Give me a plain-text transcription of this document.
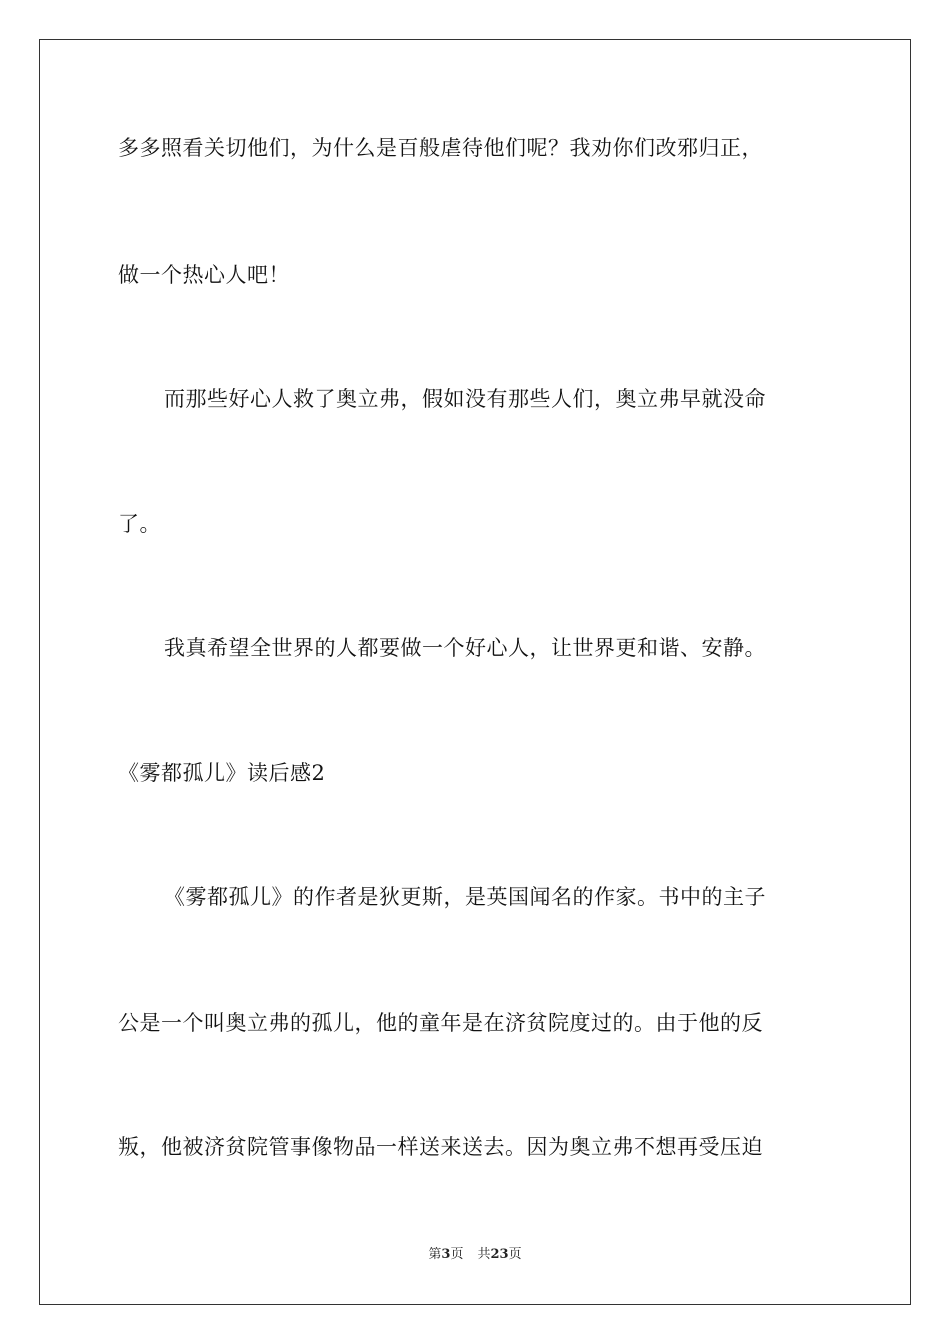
多多照看关切他们，为什么是百般虐待他们呢？我劝你们改邪归正，
做一个热心人吧！
而那些好心人救了奥立弗，假如没有那些人们，奥立弗早就没命
了。
我真希望全世界的人都要做一个好心人，让世界更和谐、安静。
《雾都孤儿》读后感2
《雾都孤儿》的作者是狄更斯，是英国闻名的作家。书中的主子
公是一个叫奥立弗的孤儿，他的童年是在济贫院度过的。由于他的反
叛，他被济贫院管事像物品一样送来送去。因为奥立弗不想再受压迫
第3页 共23页
